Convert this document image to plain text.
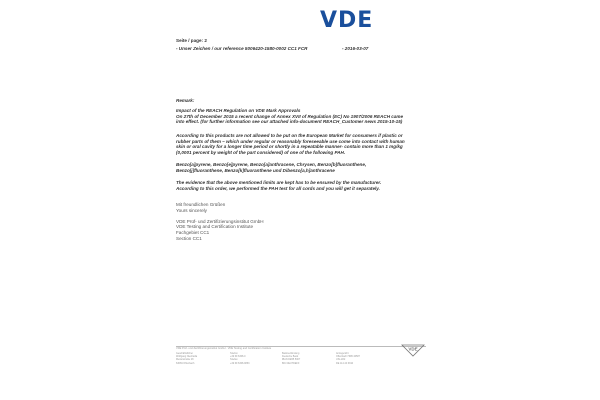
VDE
Seite / page: 2
- Unser Zeichen / our reference 5006420-1580-0002 CC1 FCR	- 2016-03-07

Remark:

Impact of the REACH Regulation on VDE Mark Approvals

On 27th of December 2015 a recent change of Annex XVII of Regulation (EC) No 1907/2006 REACH came

into effect. (for further information see our attached info-document REACH_Customer news 2015-10-15)

According to this products are not allowed to be put on the European Market for consumers if plastic or

rubber parts of them – which under regular or reasonably foreseeable use come into contact with human

skin or oral cavity for a longer time period or shortly in a repeatable manner- contain more than 1 mg/kg

(0,0001 percent by weight of the part considered) of one of the following PAH.

Benzo[a]pyrene, Benzo[e]pyrene, Benzo[a]anthracene, Chrysen, Benzo[b]fluoranthene,

Benzo[j]fluoranthene, Benzo[k]fluoranthene und Dibenzo[a,h]anthracene

The evidence that the above mentioned limits are kept has to be ensured by the manufacturer.

According to this order, we performed the PAH test for all cords and you will get it separately.

Mit freundlichen Grüßen
Yours sincerely
VDE Prüf- und Zertifizierungsinstitut GmbH
VDE Testing and Certification Institute
Fachgebiet CC1
Section CC1
VDE Prüf- und Zertifizierungsinstitut GmbH · VDE Testing and Certification Institute
Geschäftsführer
Wolfgang Niedziella
Merianstraße 28
63069 Offenbach
Telefon
+49 69 6308-0
Telefax
+49 69 6308-9863
Bankverbindung
Deutsche Bank
IBAN DE55 5007
BIC DEUTDEFF
Amtsgericht
Offenbach HRB 40587
USt-IdNr.
DE 114 24 6910
VDE
